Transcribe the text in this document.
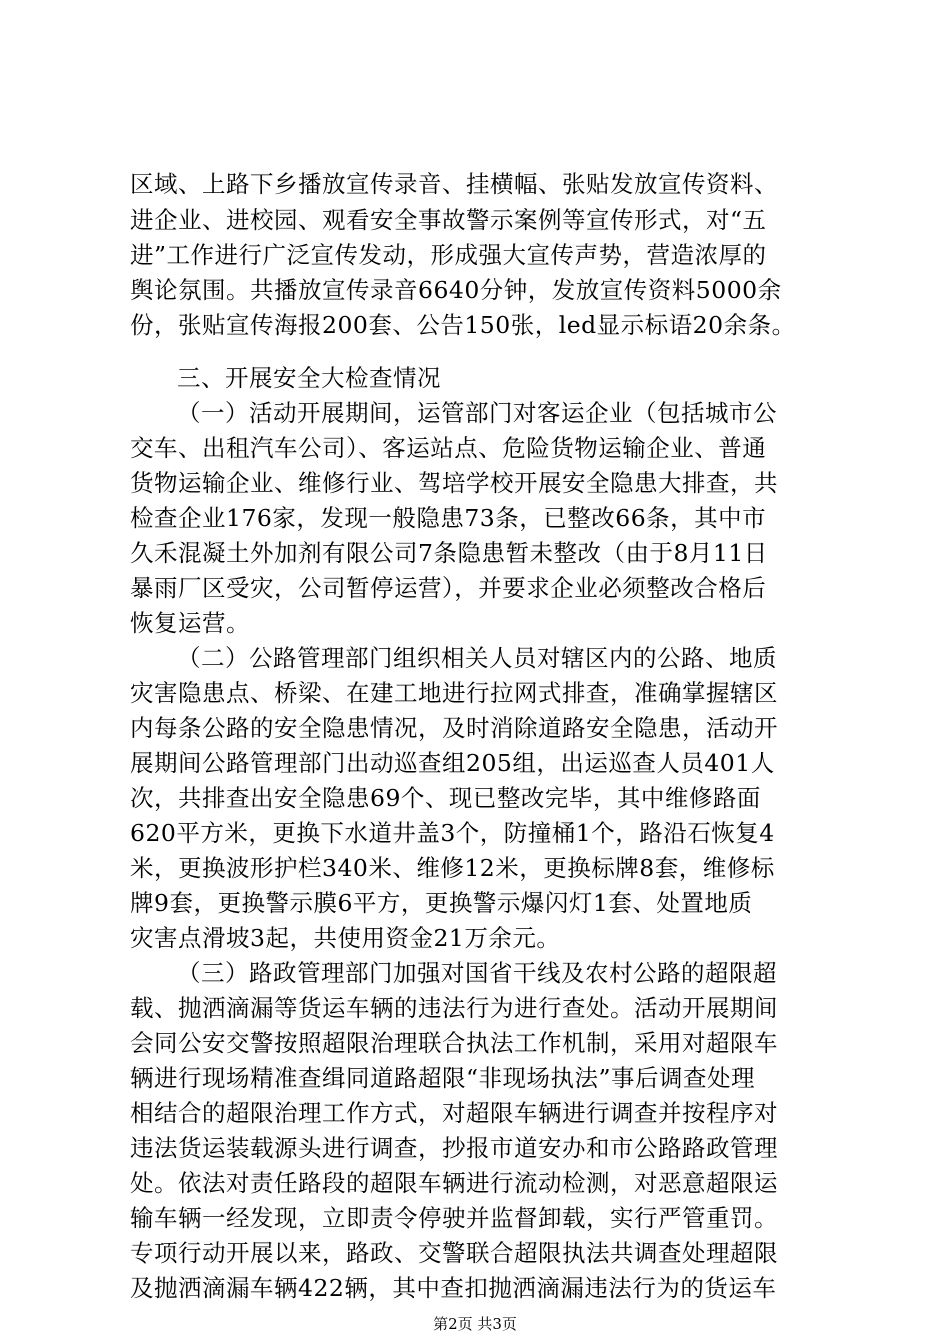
区域、上路下乡播放宣传录音、挂横幅、张贴发放宣传资料、
进企业、进校园、观看安全事故警示案例等宣传形式，对“五
进”工作进行广泛宣传发动，形成强大宣传声势，营造浓厚的
舆论氛围。共播放宣传录音6640分钟，发放宣传资料5000余
份，张贴宣传海报200套、公告150张，led显示标语20余条。
三、开展安全大检查情况
（一）活动开展期间，运管部门对客运企业（包括城市公
交车、出租汽车公司）、客运站点、危险货物运输企业、普通
货物运输企业、维修行业、驾培学校开展安全隐患大排查，共
检查企业176家，发现一般隐患73条，已整改66条，其中市
久禾混凝土外加剂有限公司7条隐患暂未整改（由于8月11日
暴雨厂区受灾，公司暂停运营），并要求企业必须整改合格后
恢复运营。
（二）公路管理部门组织相关人员对辖区内的公路、地质
灾害隐患点、桥梁、在建工地进行拉网式排查，准确掌握辖区
内每条公路的安全隐患情况，及时消除道路安全隐患，活动开
展期间公路管理部门出动巡查组205组，出运巡查人员401人
次，共排查出安全隐患69个、现已整改完毕，其中维修路面
620平方米，更换下水道井盖3个，防撞桶1个，路沿石恢复4
米，更换波形护栏340米、维修12米，更换标牌8套，维修标
牌9套，更换警示膜6平方，更换警示爆闪灯1套、处置地质
灾害点滑坡3起，共使用资金21万余元。
（三）路政管理部门加强对国省干线及农村公路的超限超
载、抛洒滴漏等货运车辆的违法行为进行查处。活动开展期间
会同公安交警按照超限治理联合执法工作机制，采用对超限车
辆进行现场精准查缉同道路超限“非现场执法”事后调查处理
相结合的超限治理工作方式，对超限车辆进行调查并按程序对
违法货运装载源头进行调查，抄报市道安办和市公路路政管理
处。依法对责任路段的超限车辆进行流动检测，对恶意超限运
输车辆一经发现，立即责令停驶并监督卸载，实行严管重罚。
专项行动开展以来，路政、交警联合超限执法共调查处理超限
及抛洒滴漏车辆422辆，其中查扣抛洒滴漏违法行为的货运车
第2页 共3页
